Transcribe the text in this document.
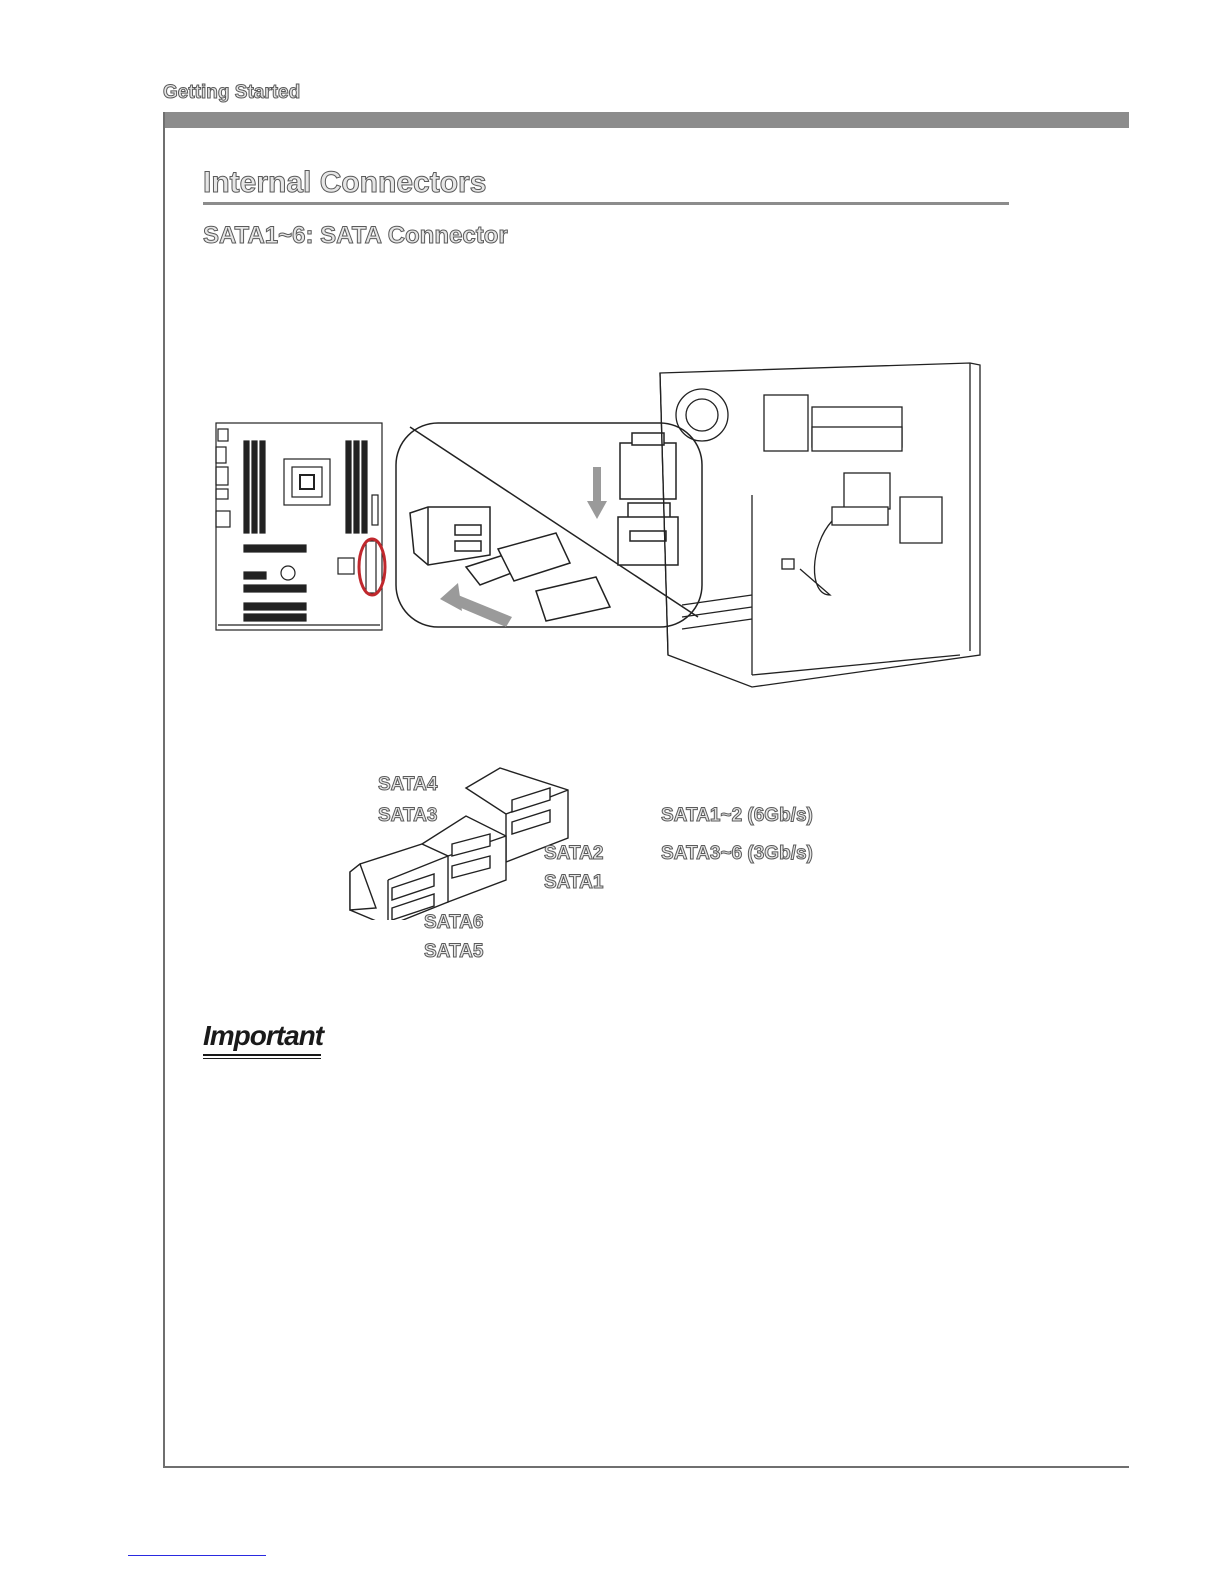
Getting Started
Internal Connectors
SATA1~6: SATA Connector
SATA4
SATA3
SATA2
SATA1
SATA6
SATA5
SATA1~2 (6Gb/s)
SATA3~6 (3Gb/s)
Important
